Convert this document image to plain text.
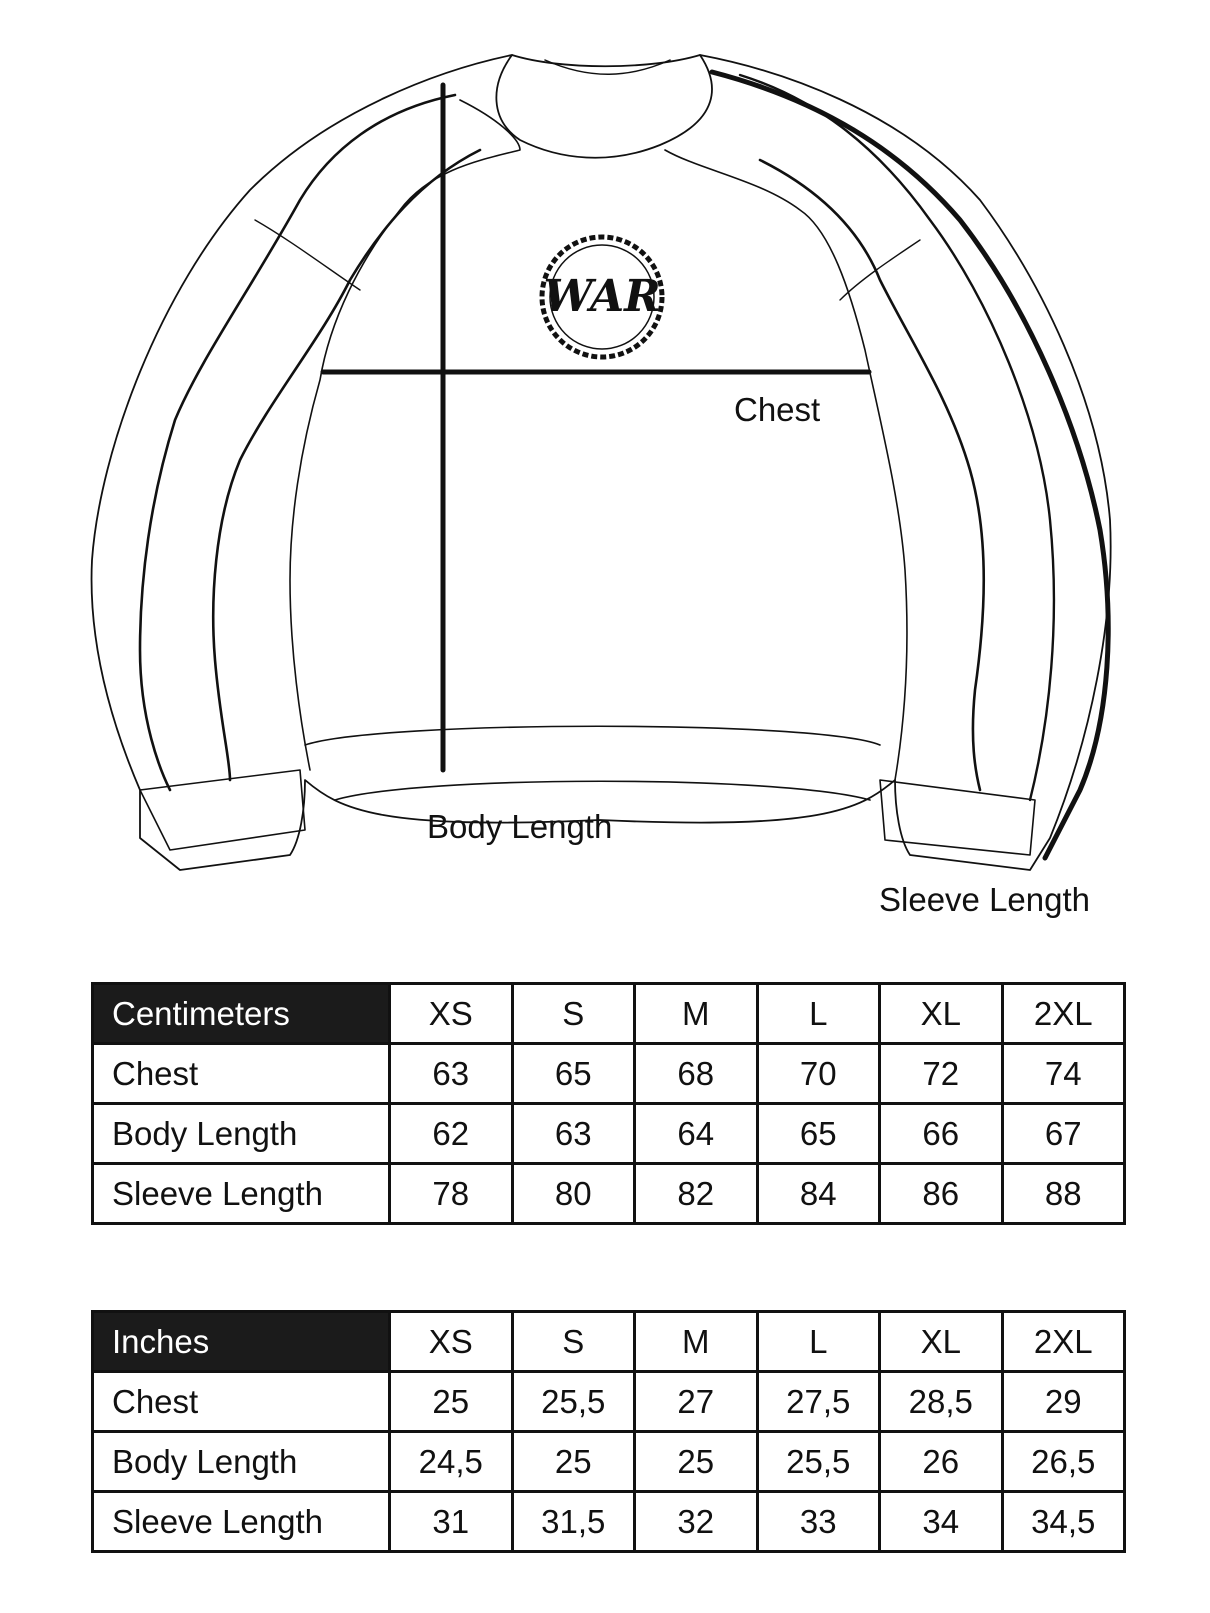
WAR
Chest
Body Length
Sleeve Length
Centimeters	XS	S	M	L	XL	2XL
Chest	63	65	68	70	72	74
Body Length	62	63	64	65	66	67
Sleeve Length	78	80	82	84	86	88
Inches	XS	S	M	L	XL	2XL
Chest	25	25,5	27	27,5	28,5	29
Body Length	24,5	25	25	25,5	26	26,5
Sleeve Length	31	31,5	32	33	34	34,5
